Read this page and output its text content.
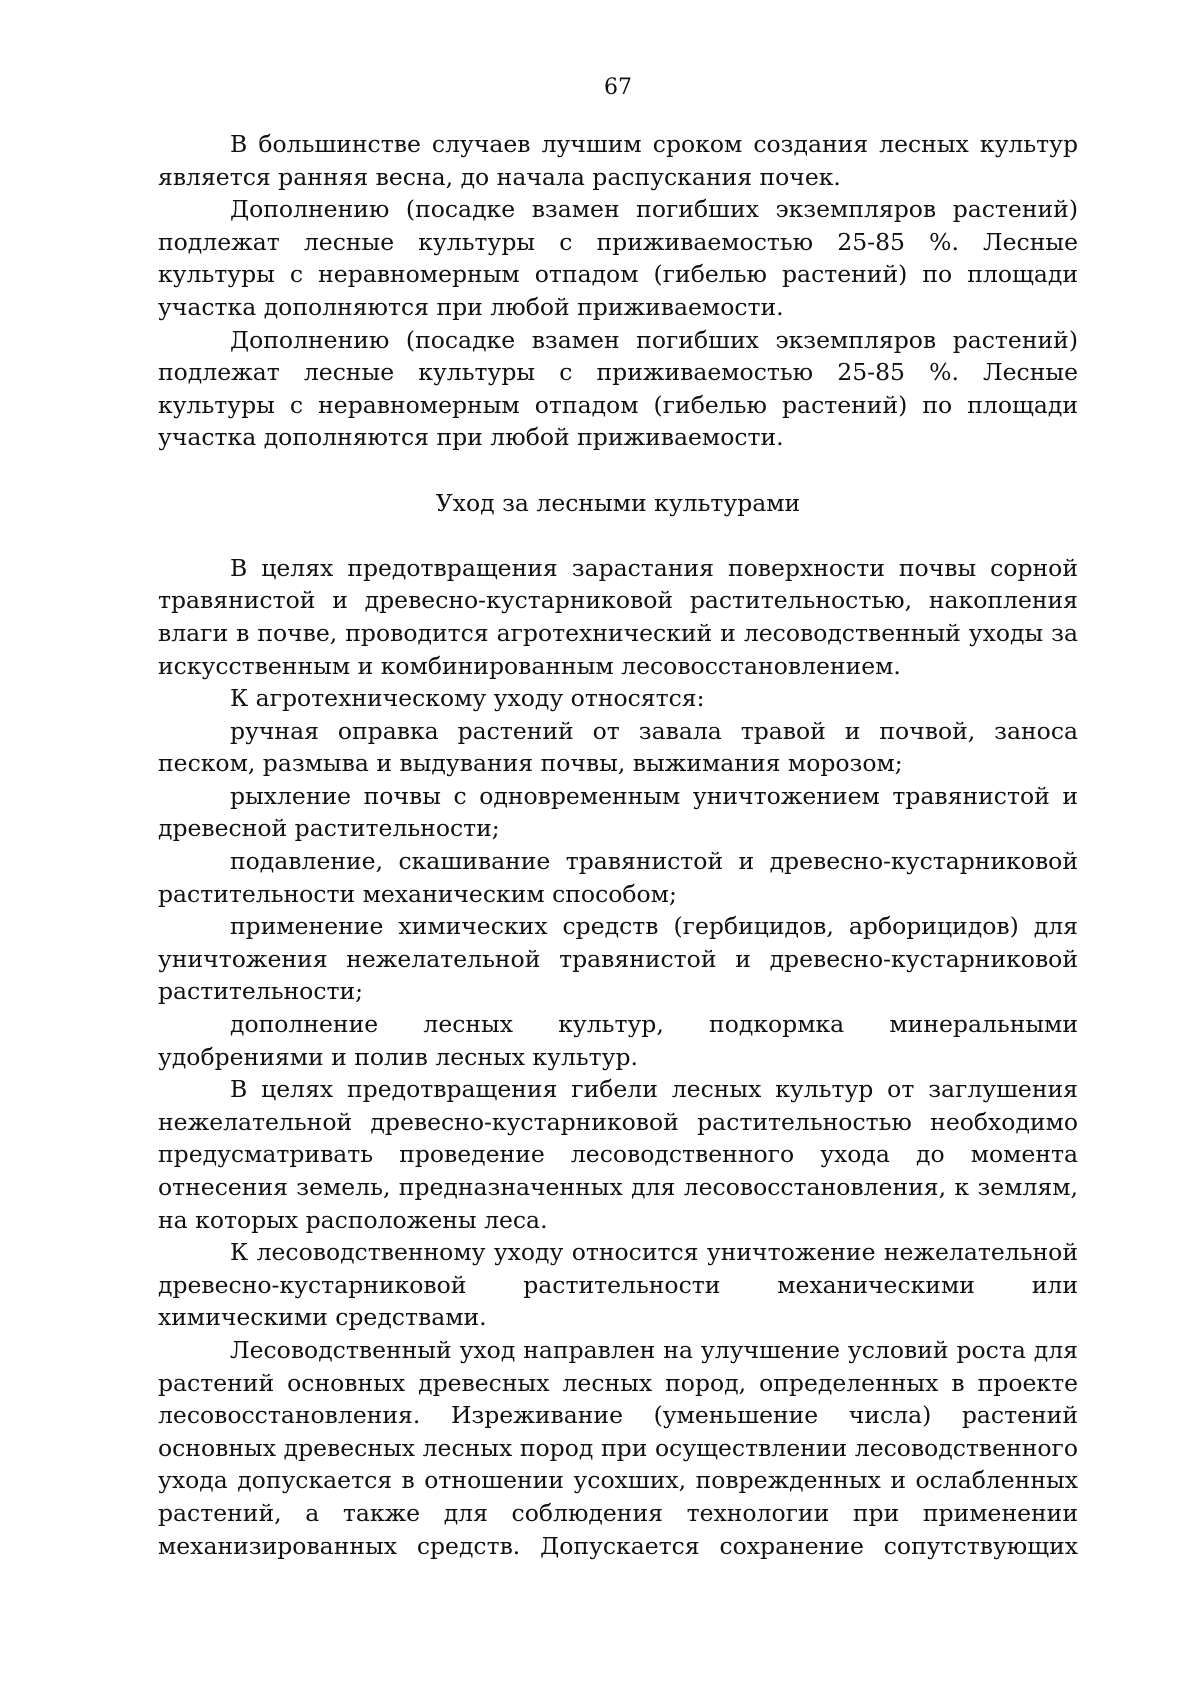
67

В большинстве случаев лучшим сроком создания лесных культур является ранняя весна, до начала распускания почек.

Дополнению (посадке взамен погибших экземпляров растений) подлежат лесные культуры с приживаемостью 25-85 %. Лесные культуры с неравномерным отпадом (гибелью растений) по площади участка дополняются при любой приживаемости.

Дополнению (посадке взамен погибших экземпляров растений) подлежат лесные культуры с приживаемостью 25-85 %. Лесные культуры с неравномерным отпадом (гибелью растений) по площади участка дополняются при любой приживаемости.

Уход за лесными культурами

В целях предотвращения зарастания поверхности почвы сорной травянистой и древесно-кустарниковой растительностью, накопления влаги в почве, проводится агротехнический и лесоводственный уходы за искусственным и комбинированным лесовосстановлением.

К агротехническому уходу относятся:

ручная оправка растений от завала травой и почвой, заноса песком, размыва и выдувания почвы, выжимания морозом;

рыхление почвы с одновременным уничтожением травянистой и древесной растительности;

подавление, скашивание травянистой и древесно-кустарниковой растительности механическим способом;

применение химических средств (гербицидов, арборицидов) для уничтожения нежелательной травянистой и древесно-кустарниковой растительности;

дополнение лесных культур, подкормка минеральными удобрениями и полив лесных культур.

В целях предотвращения гибели лесных культур от заглушения нежелательной древесно-кустарниковой растительностью необходимо предусматривать проведение лесоводственного ухода до момента отнесения земель, предназначенных для лесовосстановления, к землям, на которых расположены леса.

К лесоводственному уходу относится уничтожение нежелательной древесно-кустарниковой растительности механическими или химическими средствами.

Лесоводственный уход направлен на улучшение условий роста для растений основных древесных лесных пород, определенных в проекте лесовосстановления. Изреживание (уменьшение числа) растений основных древесных лесных пород при осуществлении лесоводственного ухода допускается в отношении усохших, поврежденных и ослабленных растений, а также для соблюдения технологии при применении механизированных средств. Допускается сохранение сопутствующих
